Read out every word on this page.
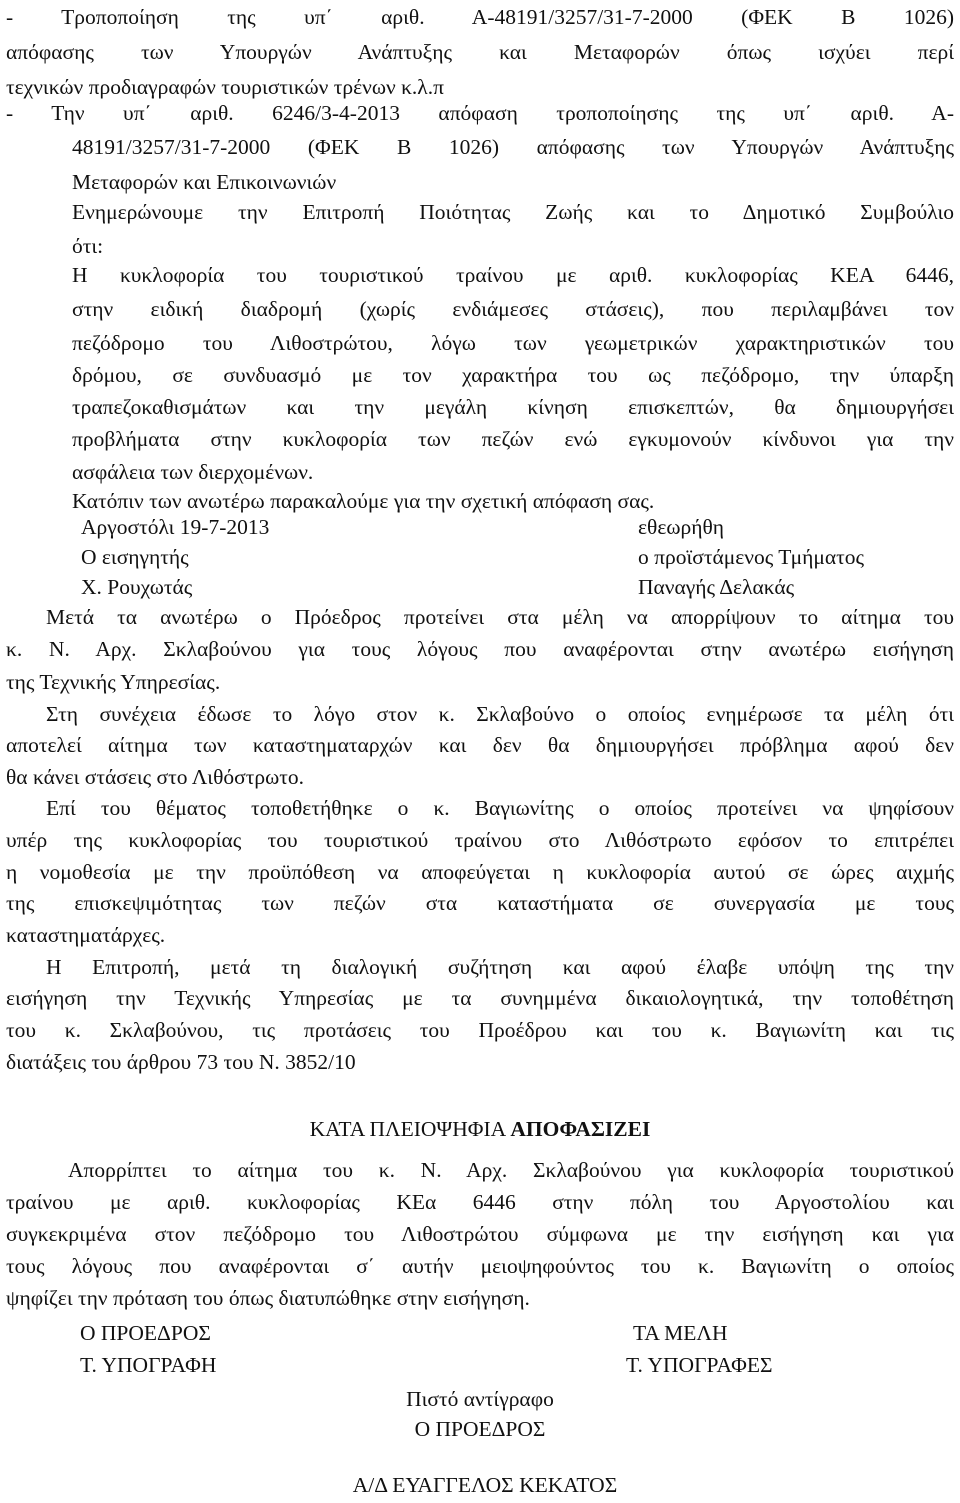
- Τροποποίηση της υπ΄ αριθ. Α-48191/3257/31-7-2000 (ΦΕΚ Β 1026)
απόφασης των Υπουργών Ανάπτυξης και Μεταφορών όπως ισχύει περί
τεχνικών προδιαγραφών τουριστικών τρένων κ.λ.π
- Την υπ΄ αριθ. 6246/3-4-2013 απόφαση τροποποίησης της υπ΄ αριθ. Α-
48191/3257/31-7-2000 (ΦΕΚ Β 1026) απόφασης των Υπουργών Ανάπτυξης
Μεταφορών και Επικοινωνιών
Ενημερώνουμε την Επιτροπή Ποιότητας Ζωής και το Δημοτικό Συμβούλιο
ότι:
Η κυκλοφορία του τουριστικού τραίνου με αριθ. κυκλοφορίας ΚΕΑ 6446,
στην ειδική διαδρομή (χωρίς ενδιάμεσες στάσεις), που περιλαμβάνει τον
πεζόδρομο του Λιθοστρώτου, λόγω των γεωμετρικών χαρακτηριστικών του
δρόμου, σε συνδυασμό με τον χαρακτήρα του ως πεζόδρομο, την ύπαρξη
τραπεζοκαθισμάτων και την μεγάλη κίνηση επισκεπτών, θα δημιουργήσει
προβλήματα στην κυκλοφορία των πεζών ενώ εγκυμονούν κίνδυνοι για την
ασφάλεια των διερχομένων.
Κατόπιν των ανωτέρω παρακαλούμε για την σχετική απόφαση σας.
Αργοστόλι 19-7-2013	εθεωρήθη
Ο εισηγητής	ο προϊστάμενος Τμήματος
Χ. Ρουχωτάς	Παναγής Δελακάς
Μετά τα ανωτέρω ο Πρόεδρος προτείνει στα μέλη να απορρίψουν το αίτημα του
κ. Ν. Αρχ. Σκλαβούνου για τους λόγους που αναφέρονται στην ανωτέρω εισήγηση
της Τεχνικής Υπηρεσίας.
Στη συνέχεια έδωσε το λόγο στον κ. Σκλαβούνο ο οποίος ενημέρωσε τα μέλη ότι
αποτελεί αίτημα των καταστηματαρχών και δεν θα δημιουργήσει πρόβλημα αφού δεν
θα κάνει στάσεις στο Λιθόστρωτο.
Επί του θέματος τοποθετήθηκε ο κ. Βαγιωνίτης ο οποίος προτείνει να ψηφίσουν
υπέρ της κυκλοφορίας του τουριστικού τραίνου στο Λιθόστρωτο εφόσον το επιτρέπει
η νομοθεσία με την προϋπόθεση να αποφεύγεται η κυκλοφορία αυτού σε ώρες αιχμής
της επισκεψιμότητας των πεζών στα καταστήματα σε συνεργασία με τους
καταστηματάρχες.
Η Επιτροπή, μετά τη διαλογική συζήτηση και αφού έλαβε υπόψη της την
εισήγηση την Τεχνικής Υπηρεσίας με τα συνημμένα δικαιολογητικά, την τοποθέτηση
του κ. Σκλαβούνου, τις προτάσεις του Προέδρου και του κ. Βαγιωνίτη και τις
διατάξεις του άρθρου 73 του Ν. 3852/10
ΚΑΤΑ ΠΛΕΙΟΨΗΦΙΑ ΑΠΟΦΑΣΙΖΕΙ
Απορρίπτει το αίτημα του κ. Ν. Αρχ. Σκλαβούνου για κυκλοφορία τουριστικού
τραίνου με αριθ. κυκλοφορίας ΚΕα 6446 στην πόλη του Αργοστολίου και
συγκεκριμένα στον πεζόδρομο του Λιθοστρώτου σύμφωνα με την εισήγηση και για
τους λόγους που αναφέρονται σ΄ αυτήν μειοψηφούντος του κ. Βαγιωνίτη ο οποίος
ψηφίζει την πρόταση του όπως διατυπώθηκε στην εισήγηση.
Ο ΠΡΟΕΔΡΟΣ	ΤΑ ΜΕΛΗ
Τ. ΥΠΟΓΡΑΦΗ	Τ. ΥΠΟΓΡΑΦΕΣ
Πιστό αντίγραφο
Ο ΠΡΟΕΔΡΟΣ
Α/Δ ΕΥΑΓΓΕΛΟΣ ΚΕΚΑΤΟΣ
